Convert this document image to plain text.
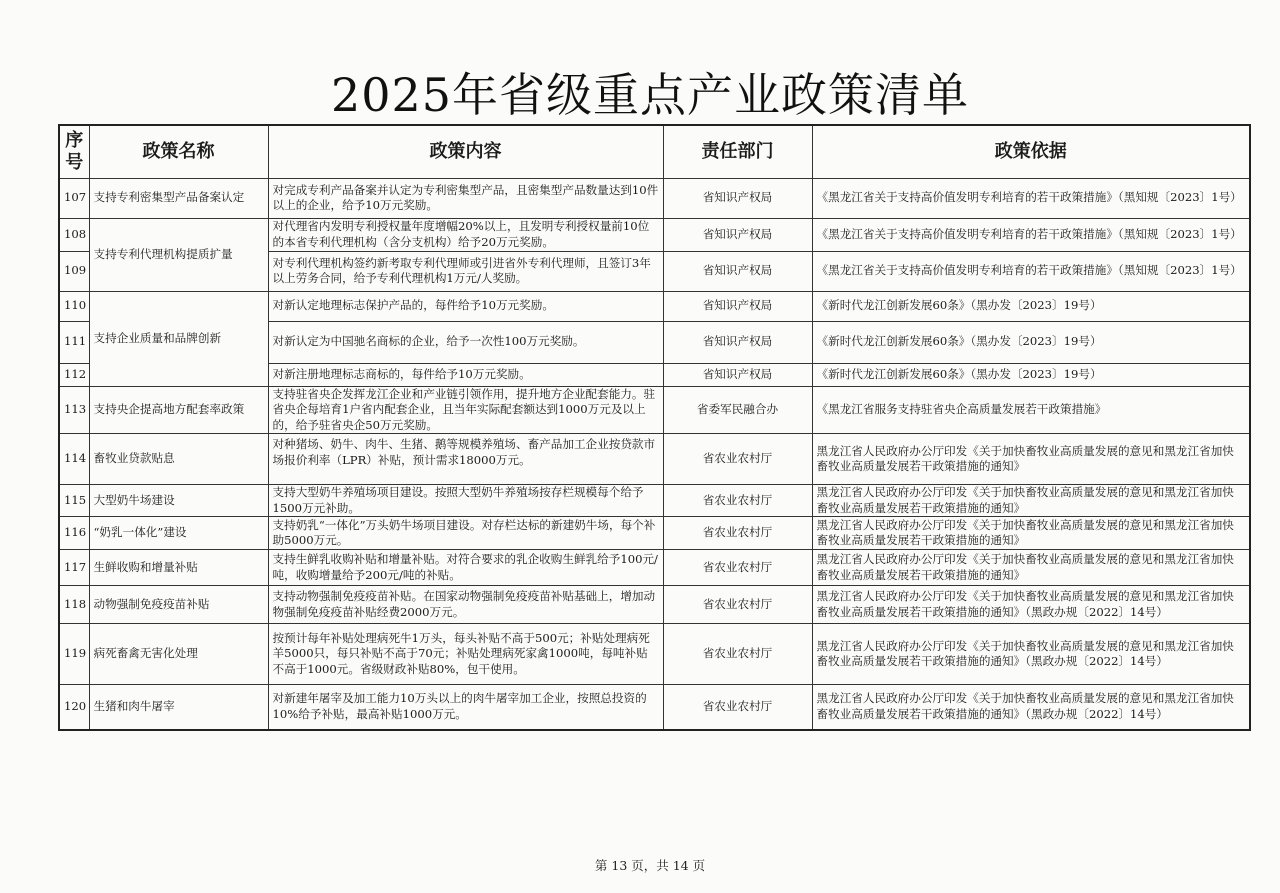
2025年省级重点产业政策清单
序号	政策名称	政策内容	责任部门	政策依据
107	支持专利密集型产品备案认定	对完成专利产品备案并认定为专利密集型产品，且密集型产品数量达到10件以上的企业，给予10万元奖励。	省知识产权局	《黑龙江省关于支持高价值发明专利培育的若干政策措施》（黑知规〔2023〕1号）
108	支持专利代理机构提质扩量	对代理省内发明专利授权量年度增幅20%以上，且发明专利授权量前10位的本省专利代理机构（含分支机构）给予20万元奖励。	省知识产权局	《黑龙江省关于支持高价值发明专利培育的若干政策措施》（黑知规〔2023〕1号）
109		对专利代理机构签约新考取专利代理师或引进省外专利代理师，且签订3年以上劳务合同，给予专利代理机构1万元/人奖励。	省知识产权局	《黑龙江省关于支持高价值发明专利培育的若干政策措施》（黑知规〔2023〕1号）
110	支持企业质量和品牌创新	对新认定地理标志保护产品的，每件给予10万元奖励。	省知识产权局	《新时代龙江创新发展60条》（黑办发〔2023〕19号）
111		对新认定为中国驰名商标的企业，给予一次性100万元奖励。	省知识产权局	《新时代龙江创新发展60条》（黑办发〔2023〕19号）
112		对新注册地理标志商标的，每件给予10万元奖励。	省知识产权局	《新时代龙江创新发展60条》（黑办发〔2023〕19号）
113	支持央企提高地方配套率政策	支持驻省央企发挥龙江企业和产业链引领作用，提升地方企业配套能力。驻省央企每培育1户省内配套企业，且当年实际配套额达到1000万元及以上的，给予驻省央企50万元奖励。	省委军民融合办	《黑龙江省服务支持驻省央企高质量发展若干政策措施》
114	畜牧业贷款贴息	对种猪场、奶牛、肉牛、生猪、鹅等规模养殖场、畜产品加工企业按贷款市场报价利率（LPR）补贴，预计需求18000万元。	省农业农村厅	黑龙江省人民政府办公厅印发《关于加快畜牧业高质量发展的意见和黑龙江省加快畜牧业高质量发展若干政策措施的通知》
115	大型奶牛场建设	支持大型奶牛养殖场项目建设。按照大型奶牛养殖场按存栏规模每个给予1500万元补助。	省农业农村厅	黑龙江省人民政府办公厅印发《关于加快畜牧业高质量发展的意见和黑龙江省加快畜牧业高质量发展若干政策措施的通知》
116	“奶乳一体化”建设	支持奶乳“一体化”万头奶牛场项目建设。对存栏达标的新建奶牛场，每个补助5000万元。	省农业农村厅	黑龙江省人民政府办公厅印发《关于加快畜牧业高质量发展的意见和黑龙江省加快畜牧业高质量发展若干政策措施的通知》
117	生鲜收购和增量补贴	支持生鲜乳收购补贴和增量补贴。对符合要求的乳企收购生鲜乳给予100元/吨，收购增量给予200元/吨的补贴。	省农业农村厅	黑龙江省人民政府办公厅印发《关于加快畜牧业高质量发展的意见和黑龙江省加快畜牧业高质量发展若干政策措施的通知》
118	动物强制免疫疫苗补贴	支持动物强制免疫疫苗补贴。在国家动物强制免疫疫苗补贴基础上，增加动物强制免疫疫苗补贴经费2000万元。	省农业农村厅	黑龙江省人民政府办公厅印发《关于加快畜牧业高质量发展的意见和黑龙江省加快畜牧业高质量发展若干政策措施的通知》（黑政办规〔2022〕14号）
119	病死畜禽无害化处理	按预计每年补贴处理病死牛1万头，每头补贴不高于500元；补贴处理病死羊5000只，每只补贴不高于70元；补贴处理病死家禽1000吨，每吨补贴不高于1000元。省级财政补贴80%，包干使用。	省农业农村厅	黑龙江省人民政府办公厅印发《关于加快畜牧业高质量发展的意见和黑龙江省加快畜牧业高质量发展若干政策措施的通知》（黑政办规〔2022〕14号）
120	生猪和肉牛屠宰	对新建年屠宰及加工能力10万头以上的肉牛屠宰加工企业，按照总投资的10%给予补贴，最高补贴1000万元。	省农业农村厅	黑龙江省人民政府办公厅印发《关于加快畜牧业高质量发展的意见和黑龙江省加快畜牧业高质量发展若干政策措施的通知》（黑政办规〔2022〕14号）
第 13 页，共 14 页
